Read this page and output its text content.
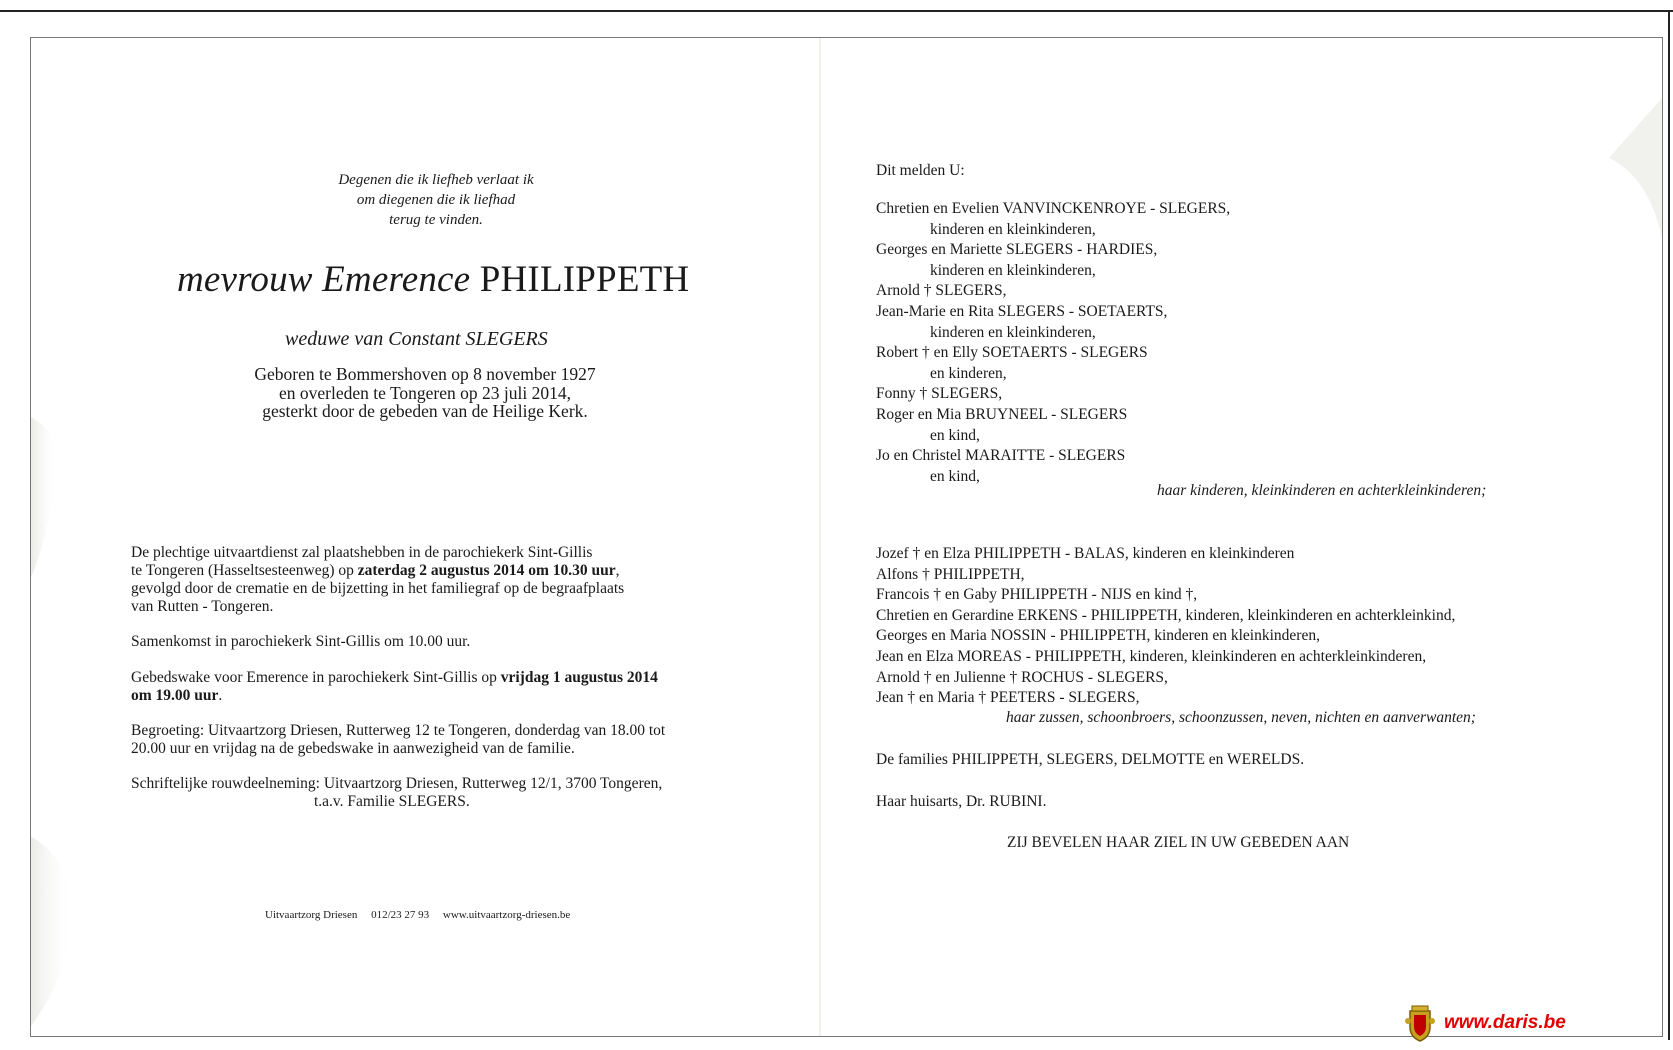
Degenen die ik liefheb verlaat ik
om diegenen die ik liefhad
terug te vinden.
mevrouw Emerence PHILIPPETH
weduwe van Constant SLEGERS
Geboren te Bommershoven op 8 november 1927
en overleden te Tongeren op 23 juli 2014,
gesterkt door de gebeden van de Heilige Kerk.
De plechtige uitvaartdienst zal plaatshebben in de parochiekerk Sint-Gillis
te Tongeren (Hasseltsesteenweg) op zaterdag 2 augustus 2014 om 10.30 uur,
gevolgd door de crematie en de bijzetting in het familiegraf op de begraafplaats
van Rutten - Tongeren.
Samenkomst in parochiekerk Sint-Gillis om 10.00 uur.
Gebedswake voor Emerence in parochiekerk Sint-Gillis op vrijdag 1 augustus 2014
om 19.00 uur.
Begroeting: Uitvaartzorg Driesen, Rutterweg 12 te Tongeren, donderdag van 18.00 tot
20.00 uur en vrijdag na de gebedswake in aanwezigheid van de familie.
Schriftelijke rouwdeelneming: Uitvaartzorg Driesen, Rutterweg 12/1, 3700 Tongeren,
t.a.v. Familie SLEGERS.
Uitvaartzorg Driesen     012/23 27 93     www.uitvaartzorg-driesen.be
Dit melden U:
Chretien en Evelien VANVINCKENROYE - SLEGERS,
kinderen en kleinkinderen,
Georges en Mariette SLEGERS - HARDIES,
kinderen en kleinkinderen,
Arnold † SLEGERS,
Jean-Marie en Rita SLEGERS - SOETAERTS,
kinderen en kleinkinderen,
Robert † en Elly SOETAERTS - SLEGERS
en kinderen,
Fonny † SLEGERS,
Roger en Mia BRUYNEEL - SLEGERS
en kind,
Jo en Christel MARAITTE - SLEGERS
en kind,
haar kinderen, kleinkinderen en achterkleinkinderen;
Jozef † en Elza PHILIPPETH - BALAS, kinderen en kleinkinderen
Alfons † PHILIPPETH,
Francois † en Gaby PHILIPPETH - NIJS en kind †,
Chretien en Gerardine ERKENS - PHILIPPETH, kinderen, kleinkinderen en achterkleinkind,
Georges en Maria NOSSIN - PHILIPPETH, kinderen en kleinkinderen,
Jean en Elza MOREAS - PHILIPPETH, kinderen, kleinkinderen en achterkleinkinderen,
Arnold † en Julienne † ROCHUS - SLEGERS,
Jean † en Maria † PEETERS - SLEGERS,
haar zussen, schoonbroers, schoonzussen, neven, nichten en aanverwanten;
De families PHILIPPETH, SLEGERS, DELMOTTE en WERELDS.
Haar huisarts, Dr. RUBINI.
ZIJ BEVELEN HAAR ZIEL IN UW GEBEDEN AAN
www.daris.be
